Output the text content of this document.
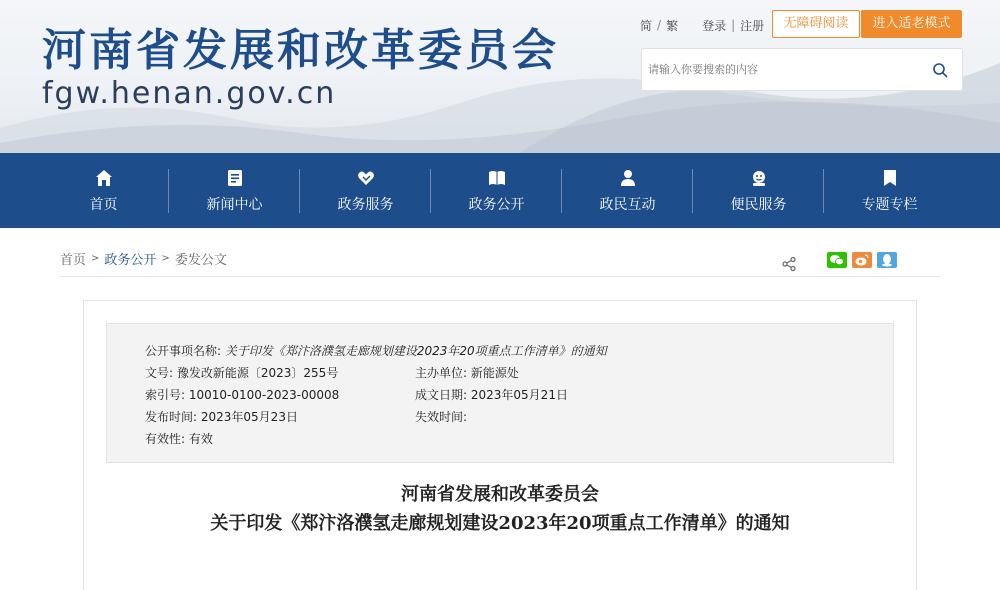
河南省发展和改革委员会
fgw.henan.gov.cn
简 / 繁 登录 | 注册	无障碍阅读	进入适老模式
请输入你要搜索的内容
首页	新闻中心	政务服务	政务公开	政民互动	便民服务	专题专栏
首页 > 政务公开 > 委发公文
公开事项名称: 关于印发《郑汴洛濮氢走廊规划建设2023年20项重点工作清单》的通知
文号: 豫发改新能源〔2023〕255号	主办单位: 新能源处
索引号: 10010-0100-2023-00008	成文日期: 2023年05月21日
发布时间: 2023年05月23日	失效时间:
有效性: 有效
河南省发展和改革委员会
关于印发《郑汴洛濮氢走廊规划建设2023年20项重点工作清单》的通知
